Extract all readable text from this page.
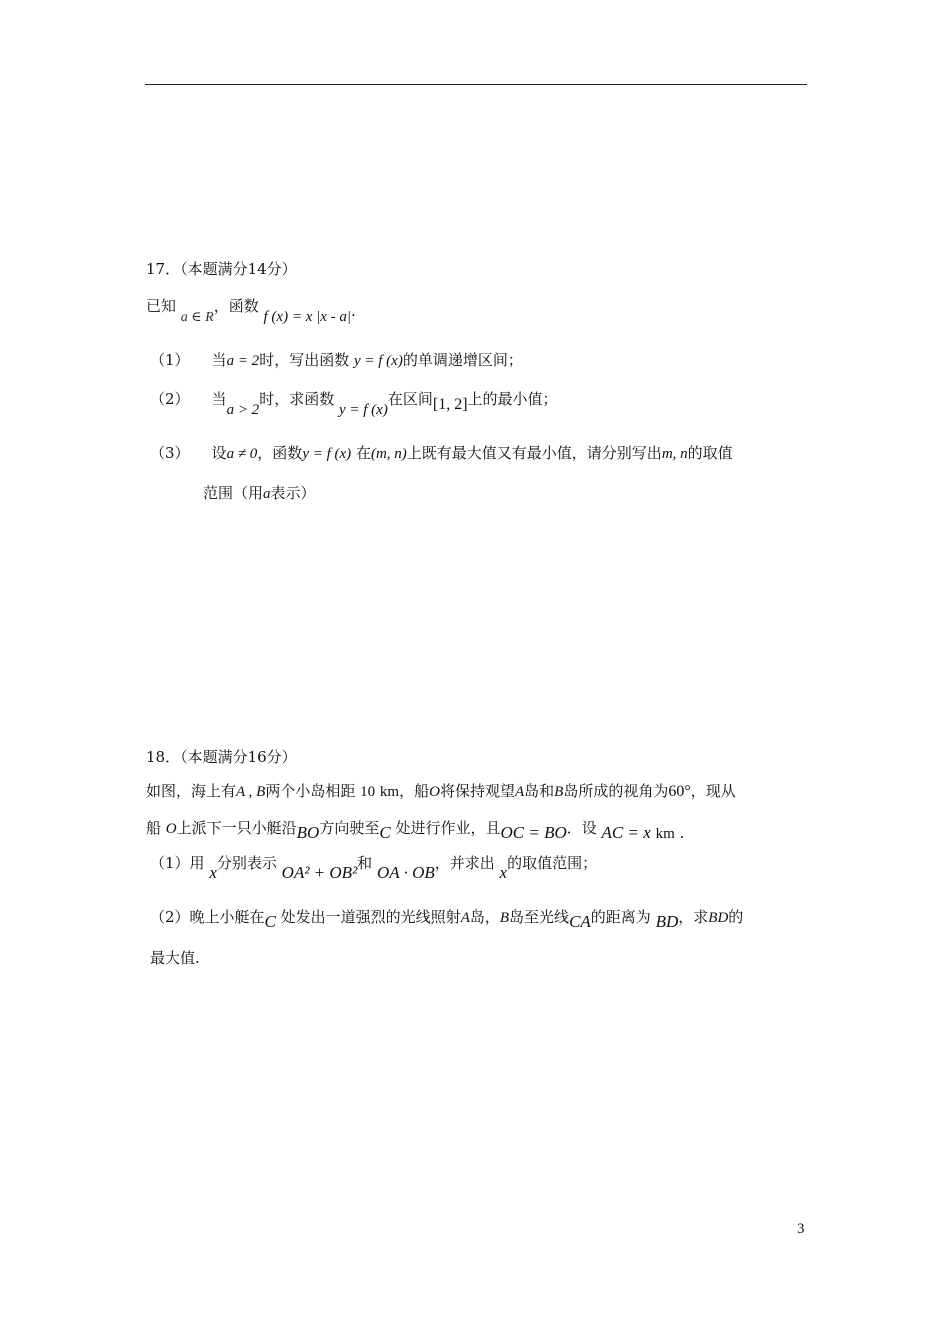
17．（本题满分14分）
已知 a ∈ R，函数 f (x) = x |x - a|.
（1） 当a = 2时，写出函数 y = f (x)的单调递增区间；
（2） 当a > 2时，求函数 y = f (x)在区间[1, 2]上的最小值；
（3） 设a ≠ 0，函数y = f (x) 在(m, n)上既有最大值又有最小值，请分别写出m, n的取值
范围（用a表示）
18．（本题满分16分）
如图，海上有A , B两个小岛相距 10 km，船O将保持观望A岛和B岛所成的视角为60°，现从
船 O上派下一只小艇沿BO方向驶至C 处进行作业，且OC = BO．设 AC = x km .
（1）用 x分别表示 OA² + OB²和 OA · OB，并求出 x的取值范围；
（2）晚上小艇在C 处发出一道强烈的光线照射A岛，B岛至光线CA的距离为 BD，求BD的
最大值.
3
